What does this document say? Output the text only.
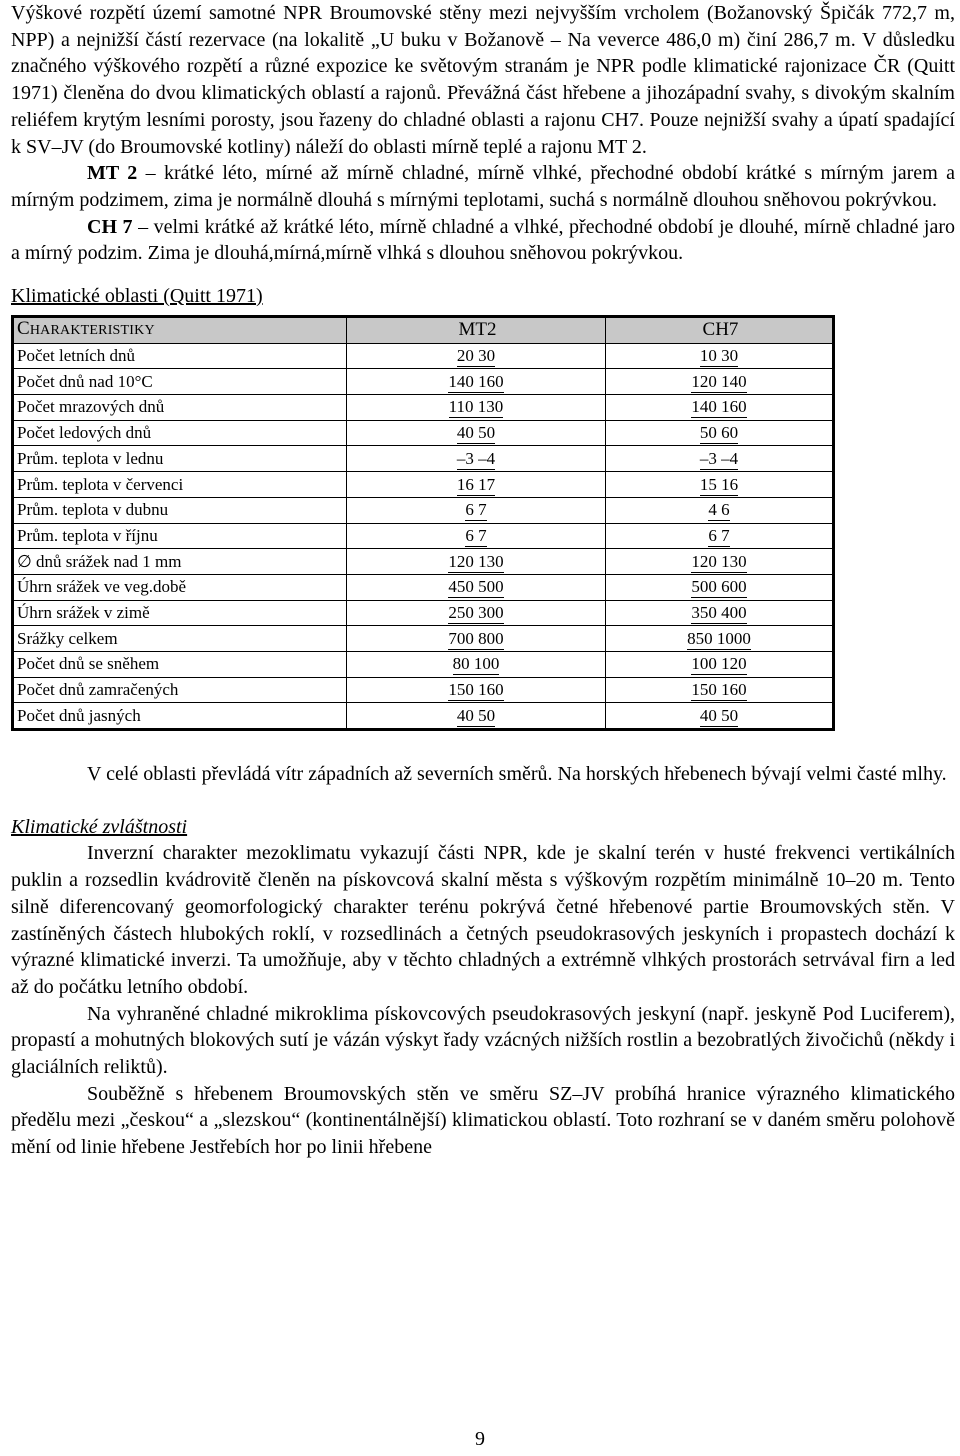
Výškové rozpětí území samotné NPR Broumovské stěny mezi nejvyšším vrcholem (Božanovský Špičák 772,7 m, NPP) a nejnižší částí rezervace (na lokalitě „U buku v Božanově – Na veverce 486,0 m) činí 286,7 m. V důsledku značného výškového rozpětí a různé expozice ke světovým stranám je NPR podle klimatické rajonizace ČR (Quitt 1971) členěna do dvou klimatických oblastí a rajonů. Převážná část hřebene a jihozápadní svahy, s divokým skalním reliéfem krytým lesními porosty, jsou řazeny do chladné oblasti a rajonu CH7. Pouze nejnižší svahy a úpatí spadající k SV–JV (do Broumovské kotliny) náleží do oblasti mírně teplé a rajonu MT 2.

MT 2 – krátké léto, mírné až mírně chladné, mírně vlhké, přechodné období krátké s mírným jarem a mírným podzimem, zima je normálně dlouhá s mírnými teplotami, suchá s normálně dlouhou sněhovou pokrývkou.

CH 7 – velmi krátké až krátké léto, mírně chladné a vlhké, přechodné období je dlouhé, mírně chladné jaro a mírný podzim. Zima je dlouhá,mírná,mírně vlhká s dlouhou sněhovou pokrývkou.

Klimatické oblasti (Quitt 1971)

CHARAKTERISTIKY	MT2	CH7
Počet letních dnů	20 30	10 30
Počet dnů nad 10°C	140 160	120 140
Počet mrazových dnů	110 130	140 160
Počet ledových dnů	40 50	50 60
Prům. teplota v lednu	–3 –4	–3 –4
Prům. teplota v červenci	16 17	15 16
Prům. teplota v dubnu	6 7	4 6
Prům. teplota v říjnu	6 7	6 7
∅ dnů srážek nad 1 mm	120 130	120 130
Úhrn srážek ve veg.době	450 500	500 600
Úhrn srážek v zimě	250 300	350 400
Srážky celkem	700 800	850 1000
Počet dnů se sněhem	80 100	100 120
Počet dnů zamračených	150 160	150 160
Počet dnů jasných	40 50	40 50

V celé oblasti převládá vítr západních až severních směrů. Na horských hřebenech bývají velmi časté mlhy.

Klimatické zvláštnosti

Inverzní charakter mezoklimatu vykazují části NPR, kde je skalní terén v husté frekvenci vertikálních puklin a rozsedlin kvádrovitě členěn na pískovcová skalní města s výškovým rozpětím minimálně 10–20 m. Tento silně diferencovaný geomorfologický charakter terénu pokrývá četné hřebenové partie Broumovských stěn. V zastíněných částech hlubokých roklí, v rozsedlinách a četných pseudokrasových jeskyních i propastech dochází k výrazné klimatické inverzi. Ta umožňuje, aby v těchto chladných a extrémně vlhkých prostorách setrvával firn a led až do počátku letního období.

Na vyhraněné chladné mikroklima pískovcových pseudokrasových jeskyní (např. jeskyně Pod Luciferem), propastí a mohutných blokových sutí je vázán výskyt řady vzácných nižších rostlin a bezobratlých živočichů (někdy i glaciálních reliktů).

Souběžně s hřebenem Broumovských stěn ve směru SZ–JV probíhá hranice výrazného klimatického předělu mezi „českou“ a „slezskou“ (kontinentálnější) klimatickou oblastí. Toto rozhraní se v daném směru polohově mění od linie hřebene Jestřebích hor po linii hřebene

9
